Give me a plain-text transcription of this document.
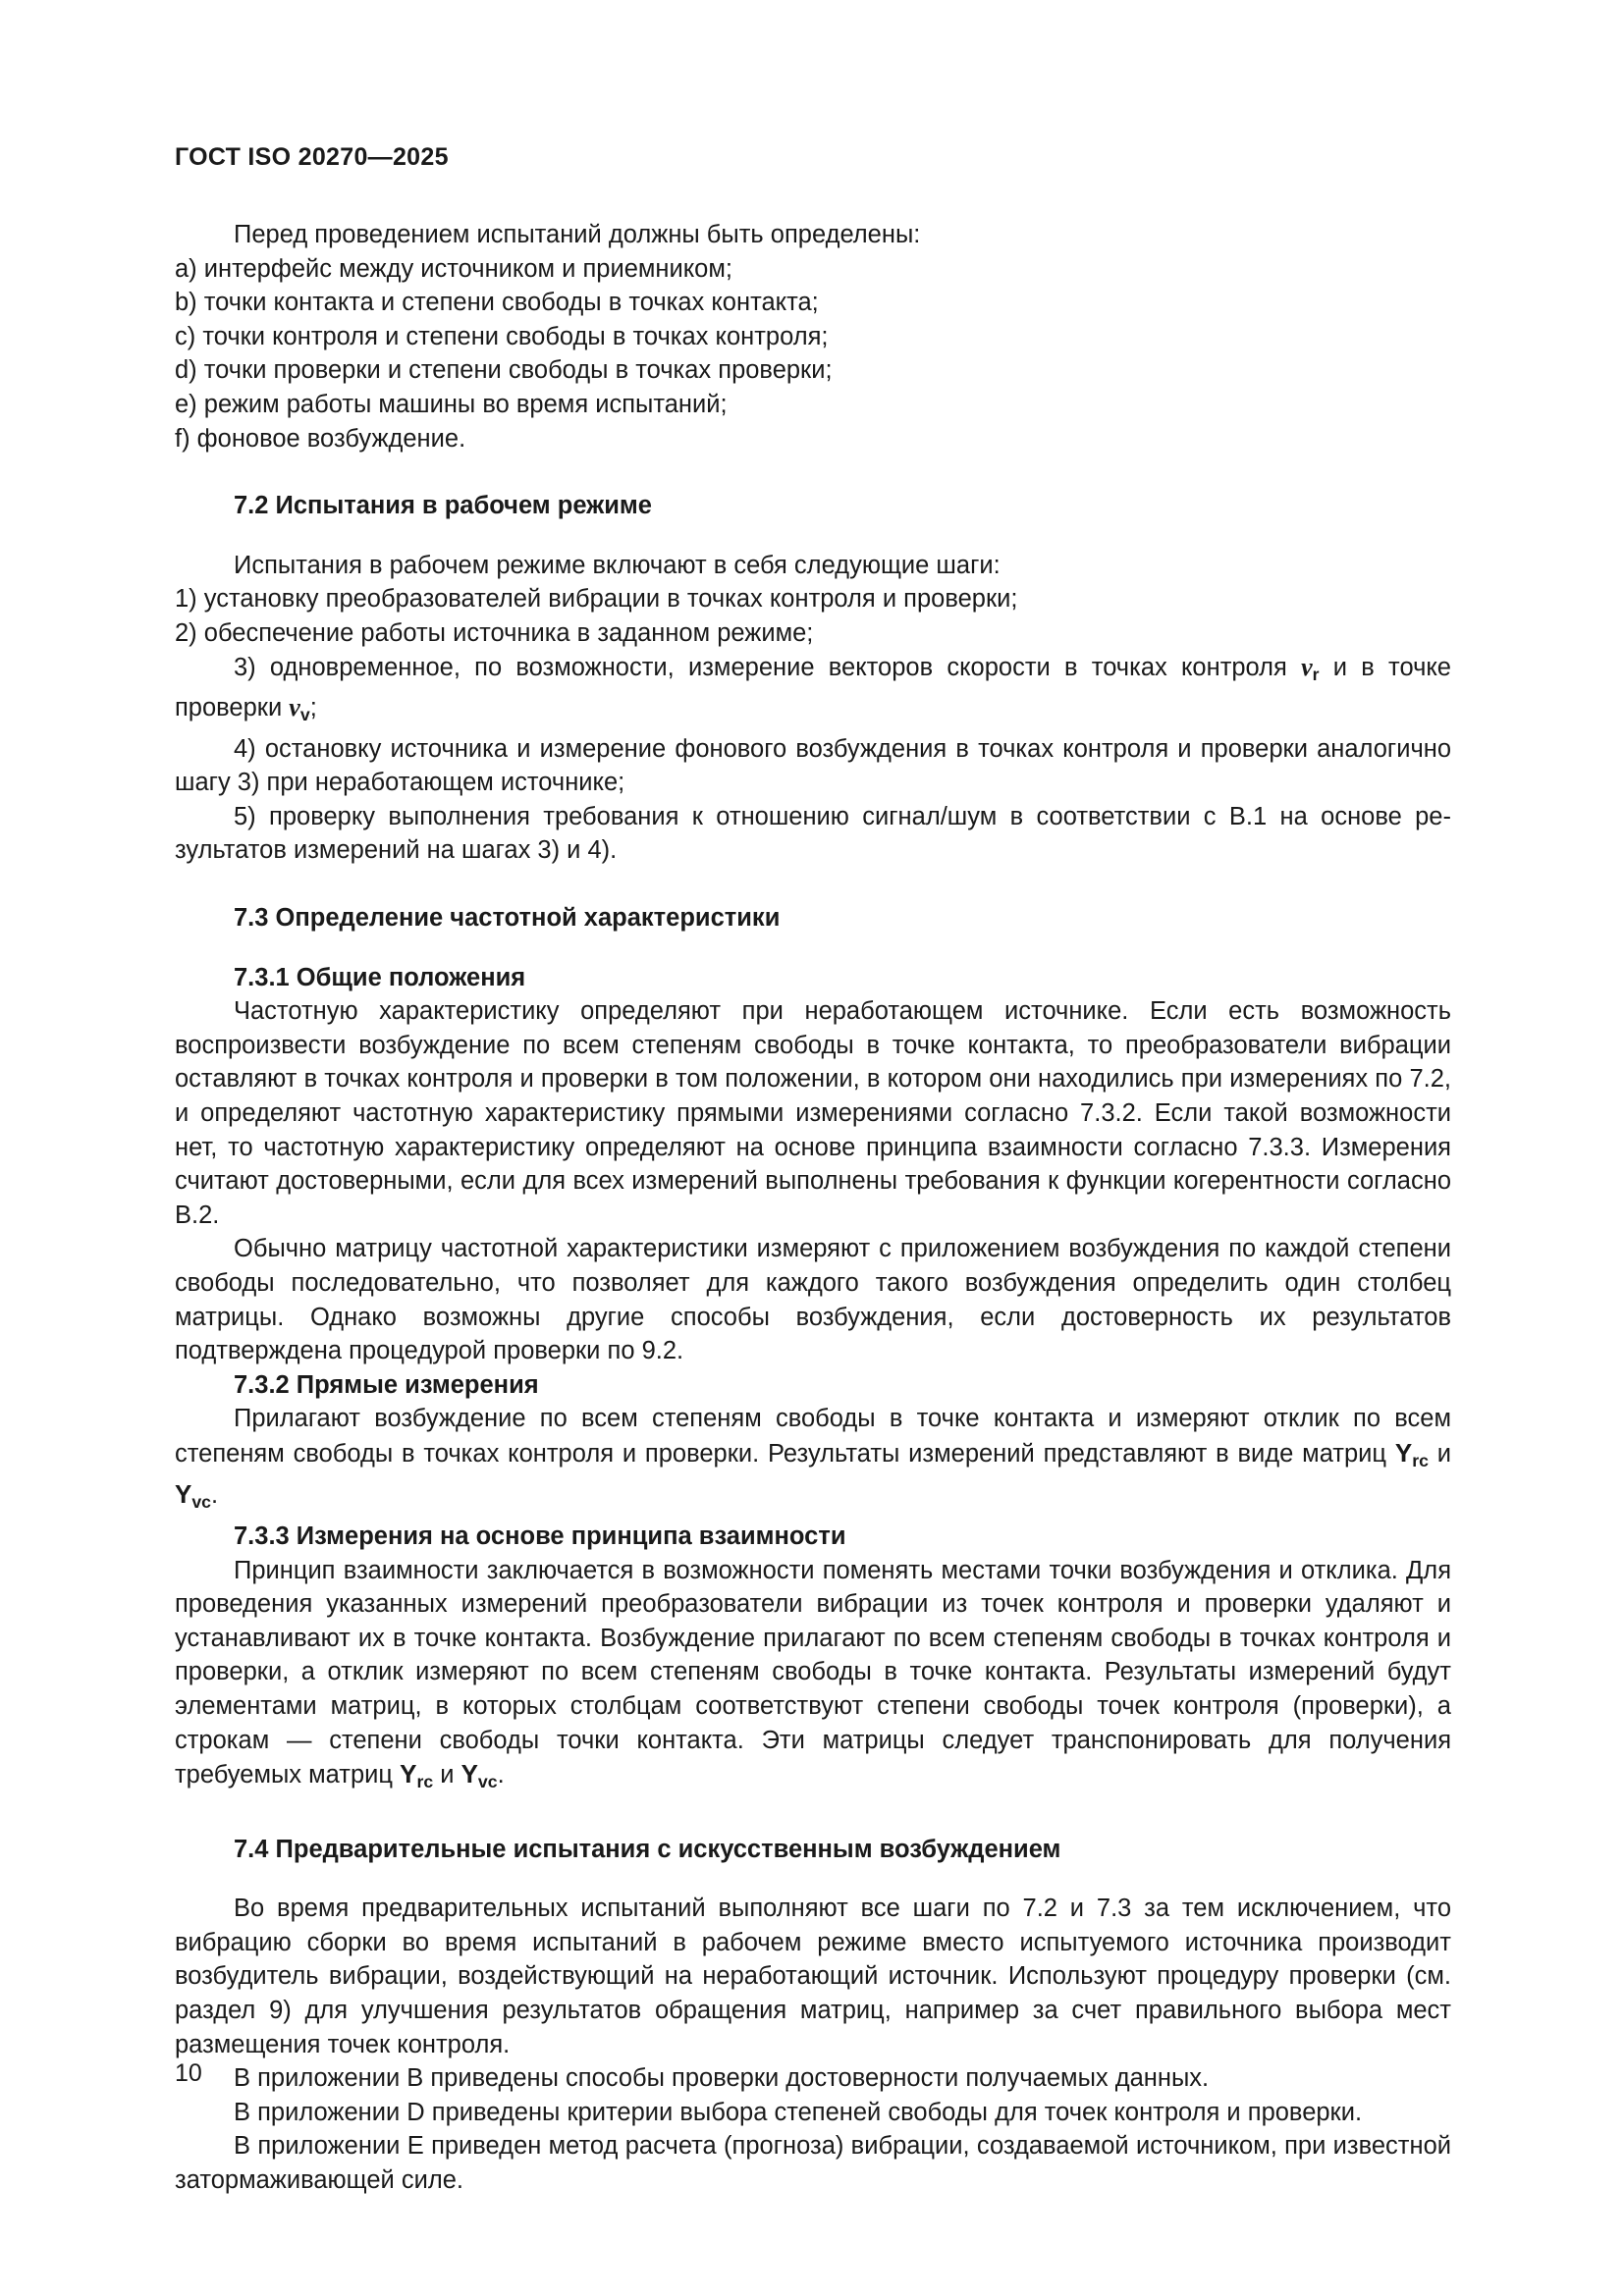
ГОСТ ISO 20270—2025
Перед проведением испытаний должны быть определены:
a) интерфейс между источником и приемником;
b) точки контакта и степени свободы в точках контакта;
c) точки контроля и степени свободы в точках контроля;
d) точки проверки и степени свободы в точках проверки;
e) режим работы машины во время испытаний;
f) фоновое возбуждение.
7.2 Испытания в рабочем режиме
Испытания в рабочем режиме включают в себя следующие шаги:
1) установку преобразователей вибрации в точках контроля и проверки;
2) обеспечение работы источника в заданном режиме;

3) одновременное, по возможности, измерение векторов скорости в точках контроля $v_r$ и в точке проверки $v_v$;

4) остановку источника и измерение фонового возбуждения в точках контроля и проверки аналогично шагу 3) при неработающем источнике;

5) проверку выполнения требования к отношению сигнал/шум в соответствии с B.1 на основе результатов измерений на шагах 3) и 4).

7.3 Определение частотной характеристики
7.3.1 Общие положения

Частотную характеристику определяют при неработающем источнике. Если есть возможность воспроизвести возбуждение по всем степеням свободы в точке контакта, то преобразователи вибрации оставляют в точках контроля и проверки в том положении, в котором они находились при измерениях по 7.2, и определяют частотную характеристику прямыми измерениями согласно 7.3.2. Если такой возможности нет, то частотную характеристику определяют на основе принципа взаимности согласно 7.3.3. Измерения считают достоверными, если для всех измерений выполнены требования к функции когерентности согласно B.2.

Обычно матрицу частотной характеристики измеряют с приложением возбуждения по каждой степени свободы последовательно, что позволяет для каждого такого возбуждения определить один столбец матрицы. Однако возможны другие способы возбуждения, если достоверность их результатов подтверждена процедурой проверки по 9.2.

7.3.2 Прямые измерения

Прилагают возбуждение по всем степеням свободы в точке контакта и измеряют отклик по всем степеням свободы в точках контроля и проверки. Результаты измерений представляют в виде матриц $Y_{rc}$ и $Y_{vc}$.

7.3.3 Измерения на основе принципа взаимности

Принцип взаимности заключается в возможности поменять местами точки возбуждения и отклика. Для проведения указанных измерений преобразователи вибрации из точек контроля и проверки удаляют и устанавливают их в точке контакта. Возбуждение прилагают по всем степеням свободы в точках контроля и проверки, а отклик измеряют по всем степеням свободы в точке контакта. Результаты измерений будут элементами матриц, в которых столбцам соответствуют степени свободы точек контроля (проверки), а строкам — степени свободы точки контакта. Эти матрицы следует транспонировать для получения требуемых матриц $Y_{rc}$ и $Y_{vc}$.

7.4 Предварительные испытания с искусственным возбуждением

Во время предварительных испытаний выполняют все шаги по 7.2 и 7.3 за тем исключением, что вибрацию сборки во время испытаний в рабочем режиме вместо испытуемого источника производит возбудитель вибрации, воздействующий на неработающий источник. Используют процедуру проверки (см. раздел 9) для улучшения результатов обращения матриц, например за счет правильного выбора мест размещения точек контроля.

В приложении B приведены способы проверки достоверности получаемых данных.

В приложении D приведены критерии выбора степеней свободы для точек контроля и проверки.

В приложении E приведен метод расчета (прогноза) вибрации, создаваемой источником, при известной затормаживающей силе.

10
